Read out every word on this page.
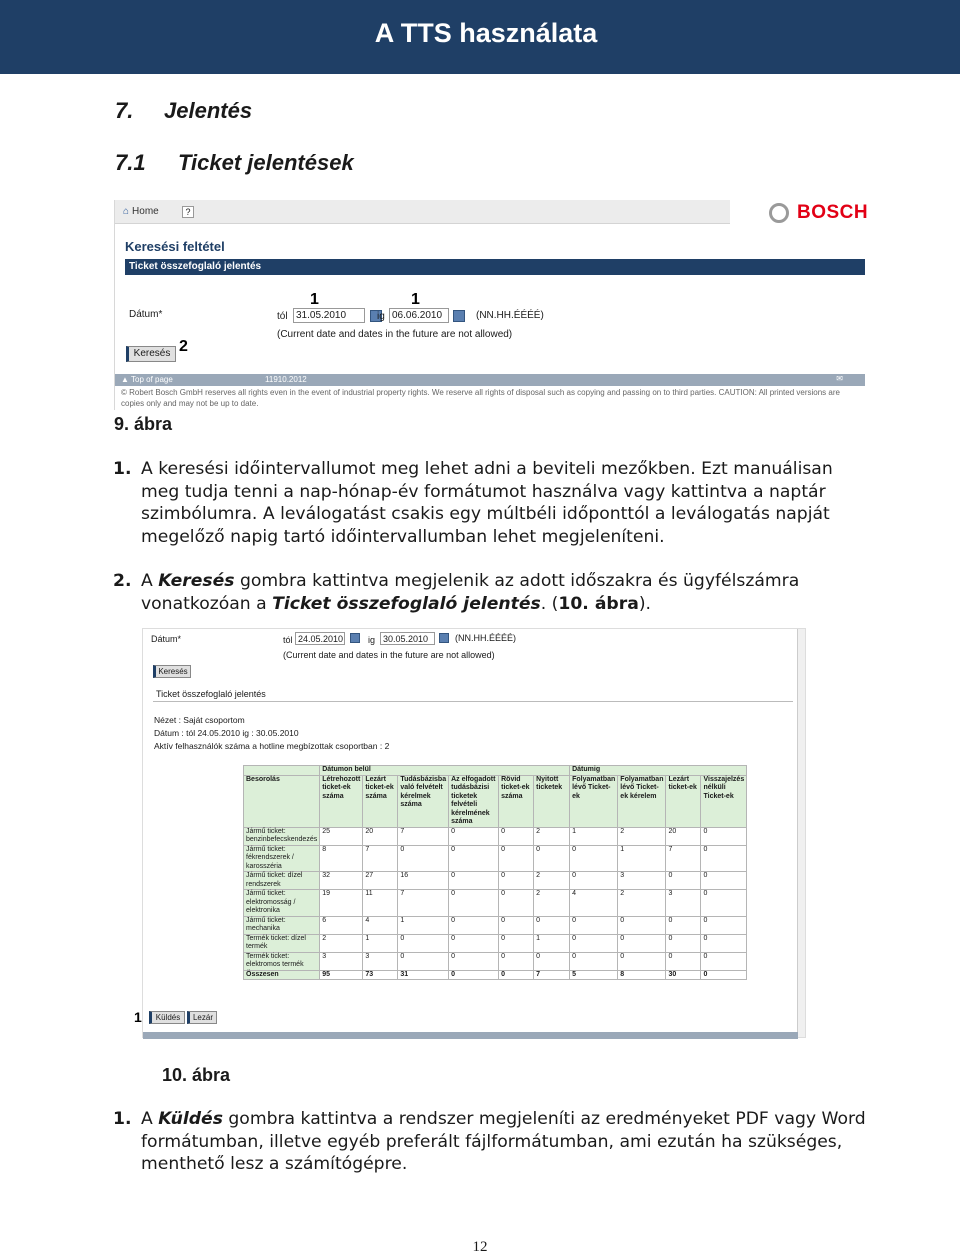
A TTS használata
7. Jelentés
7.1 Ticket jelentések
⌂ Home	?	BOSCH
Keresési feltétel
Ticket összefoglaló jelentés
1	1
Dátum*	tól 31.05.2010	ig 06.06.2010	(NN.HH.ÉÉÉÉ)
(Current date and dates in the future are not allowed)
Keresés 2
▲ Top of page	11910.2012	✉
© Robert Bosch GmbH reserves all rights even in the event of industrial property rights. We reserve all rights of disposal such as copying and passing on to third parties. CAUTION: All printed versions are copies only and may not be up to date.
9. ábra
1. A keresési időintervallumot meg lehet adni a beviteli mezőkben. Ezt manuálisan meg tudja tenni a nap-hónap-év formátumot használva vagy kattintva a naptár szimbólumra. A leválogatást csakis egy múltbéli időponttól a leválogatás napját megelőző napig tartó időintervallumban lehet megjeleníteni.
2. A Keresés gombra kattintva megjelenik az adott időszakra és ügyfélszámra vonatkozóan a Ticket összefoglaló jelentés. (10. ábra).
Dátum*	tól 24.05.2010	ig 30.05.2010	(NN.HH.ÉÉÉÉ)
(Current date and dates in the future are not allowed)
Keresés
Ticket összefoglaló jelentés
Nézet : Saját csoportom
Dátum : tól 24.05.2010 ig : 30.05.2010
Aktív felhasználók száma a hotline megbízottak csoportban : 2
	Dátumon belül						Dátumig			
Besorolás	Létrehozott ticket-ek száma	Lezárt ticket-ek száma	Tudásbázisba való felvételt kérelmek száma	Az elfogadott tudásbázisi ticketek felvételi kérelmének száma	Rövid ticket-ek száma	Nyitott ticketek	Folyamatban lévő Ticket-ek	Folyamatban lévő Ticket-ek kérelem	Lezárt ticket-ek	Visszajelzés nélküli Ticket-ek
Jármű ticket: benzinbefecskendezés	25	20	7	0	0	2	1	2	20	0
Jármű ticket: fékrendszerek / karosszéria	8	7	0	0	0	0	0	1	7	0
Jármű ticket: dízel rendszerek	32	27	16	0	0	2	0	3	0	0
Jármű ticket: elektromosság / elektronika	19	11	7	0	0	2	4	2	3	0
Jármű ticket: mechanika	6	4	1	0	0	0	0	0	0	0
Termék ticket: dízel termék	2	1	0	0	0	1	0	0	0	0
Termék ticket: elektromos termék	3	3	0	0	0	0	0	0	0	0
Összesen	95	73	31	0	0	7	5	8	30	0
1	Küldés	Lezár
10. ábra
1. A Küldés gombra kattintva a rendszer megjeleníti az eredményeket PDF vagy Word formátumban, illetve egyéb preferált fájlformátumban, ami ezután ha szükséges, menthető lesz a számítógépre.
12
